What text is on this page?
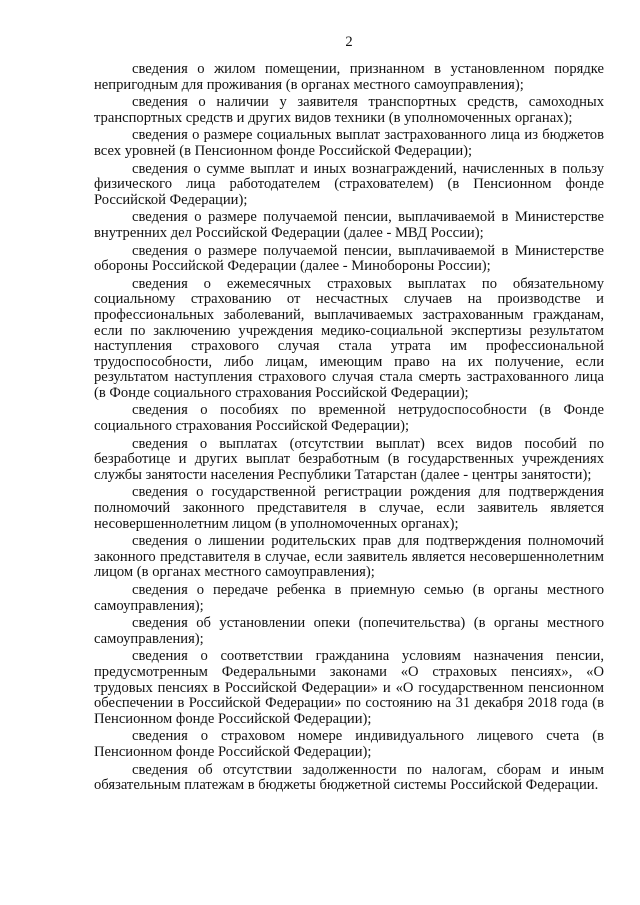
2

сведения о жилом помещении, признанном в установленном порядке непригодным для проживания (в органах местного самоуправления);

сведения о наличии у заявителя транспортных средств, самоходных транспортных средств и других видов техники (в уполномоченных органах);

сведения о размере социальных выплат застрахованного лица из бюджетов всех уровней (в Пенсионном фонде Российской Федерации);

сведения о сумме выплат и иных вознаграждений, начисленных в пользу физического лица работодателем (страхователем) (в Пенсионном фонде Российской Федерации);

сведения о размере получаемой пенсии, выплачиваемой в Министерстве внутренних дел Российской Федерации (далее - МВД России);

сведения о размере получаемой пенсии, выплачиваемой в Министерстве обороны Российской Федерации (далее - Минобороны России);

сведения о ежемесячных страховых выплатах по обязательному социальному страхованию от несчастных случаев на производстве и профессиональных заболеваний, выплачиваемых застрахованным гражданам, если по заключению учреждения медико-социальной экспертизы результатом наступления страхового случая стала утрата им профессиональной трудоспособности, либо лицам, имеющим право на их получение, если результатом наступления страхового случая стала смерть застрахованного лица (в Фонде социального страхования Российской Федерации);

сведения о пособиях по временной нетрудоспособности (в Фонде социального страхования Российской Федерации);

сведения о выплатах (отсутствии выплат) всех видов пособий по безработице и других выплат безработным (в государственных учреждениях службы занятости населения Республики Татарстан (далее - центры занятости);

сведения о государственной регистрации рождения для подтверждения полномочий законного представителя в случае, если заявитель является несовершеннолетним лицом (в уполномоченных органах);

сведения о лишении родительских прав для подтверждения полномочий законного представителя в случае, если заявитель является несовершеннолетним лицом (в органах местного самоуправления);

сведения о передаче ребенка в приемную семью (в органы местного самоуправления);

сведения об установлении опеки (попечительства) (в органы местного самоуправления);

сведения о соответствии гражданина условиям назначения пенсии, предусмотренным Федеральными законами «О страховых пенсиях», «О трудовых пенсиях в Российской Федерации» и «О государственном пенсионном обеспечении в Российской Федерации» по состоянию на 31 декабря 2018 года (в Пенсионном фонде Российской Федерации);

сведения о страховом номере индивидуального лицевого счета (в Пенсионном фонде Российской Федерации);

сведения об отсутствии задолженности по налогам, сборам и иным обязательным платежам в бюджеты бюджетной системы Российской Федерации.
